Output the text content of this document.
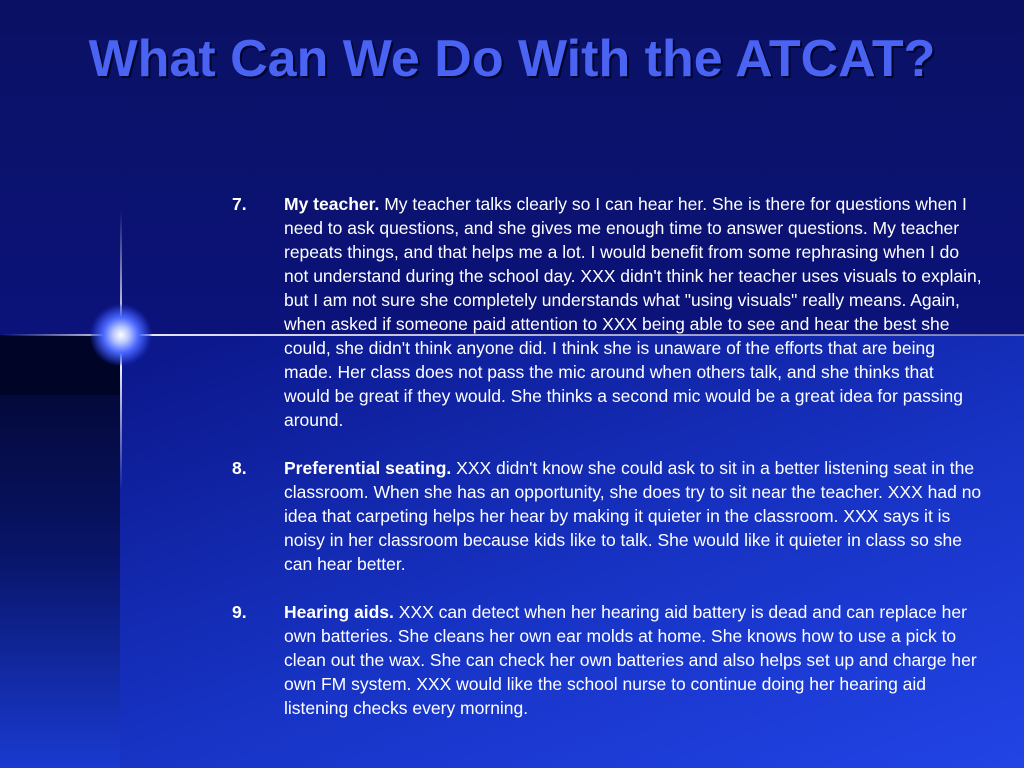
What Can We Do With the ATCAT?
7.	My teacher. My teacher talks clearly so I can hear her. She is there for questions when I need to ask questions, and she gives me enough time to answer questions. My teacher repeats things, and that helps me a lot. I would benefit from some rephrasing when I do not understand during the school day. XXX didn't think her teacher uses visuals to explain, but I am not sure she completely understands what "using visuals" really means. Again, when asked if someone paid attention to XXX being able to see and hear the best she could, she didn't think anyone did. I think she is unaware of the efforts that are being made. Her class does not pass the mic around when others talk, and she thinks that would be great if they would. She thinks a second mic would be a great idea for passing around.
8.	Preferential seating. XXX didn't know she could ask to sit in a better listening seat in the classroom. When she has an opportunity, she does try to sit near the teacher. XXX had no idea that carpeting helps her hear by making it quieter in the classroom. XXX says it is noisy in her classroom because kids like to talk. She would like it quieter in class so she can hear better.
9.	Hearing aids. XXX can detect when her hearing aid battery is dead and can replace her own batteries. She cleans her own ear molds at home. She knows how to use a pick to clean out the wax. She can check her own batteries and also helps set up and charge her own FM system. XXX would like the school nurse to continue doing her hearing aid listening checks every morning.
